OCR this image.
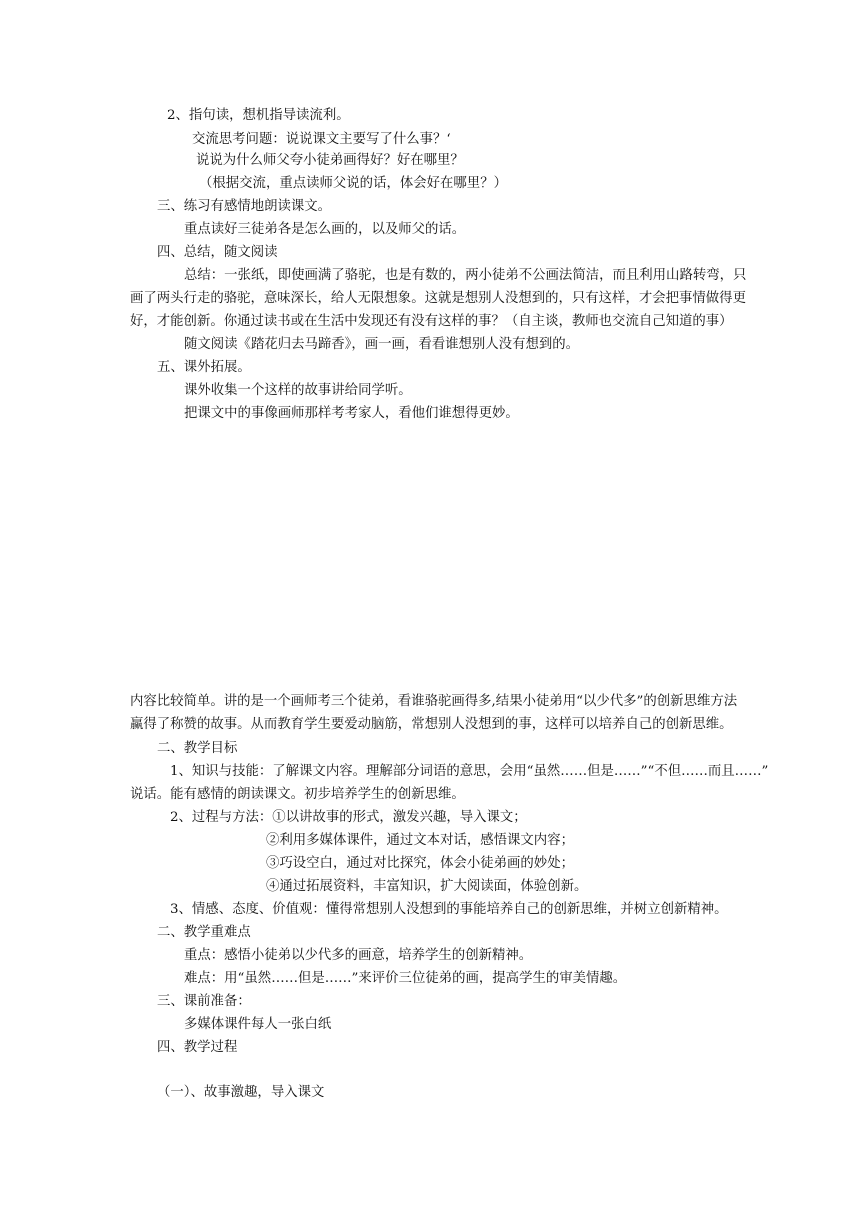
2、指句读，想机指导读流利。

交流思考问题：说说课文主要写了什么事？‘

说说为什么师父夸小徒弟画得好？好在哪里？

（根据交流，重点读师父说的话，体会好在哪里？）

三、练习有感情地朗读课文。

重点读好三徒弟各是怎么画的，以及师父的话。

四、总结，随文阅读

总结：一张纸，即使画满了骆驼，也是有数的，两小徒弟不公画法简洁，而且利用山路转弯，只

画了两头行走的骆驼，意味深长，给人无限想象。这就是想别人没想到的，只有这样，才会把事情做得更

好，才能创新。你通过读书或在生活中发现还有没有这样的事？（自主谈，教师也交流自己知道的事）

随文阅读《踏花归去马蹄香》，画一画，看看谁想别人没有想到的。

五、课外拓展。

课外收集一个这样的故事讲给同学听。

把课文中的事像画师那样考考家人，看他们谁想得更妙。

内容比较简单。讲的是一个画师考三个徒弟，看谁骆驼画得多,结果小徒弟用“以少代多”的创新思维方法

赢得了称赞的故事。从而教育学生要爱动脑筋，常想别人没想到的事，这样可以培养自己的创新思维。

二、教学目标

1、知识与技能：了解课文内容。理解部分词语的意思，会用“虽然……但是……”“不但……而且……”

说话。能有感情的朗读课文。初步培养学生的创新思维。

2、过程与方法：①以讲故事的形式，激发兴趣，导入课文；

②利用多媒体课件，通过文本对话，感悟课文内容；

③巧设空白，通过对比探究，体会小徒弟画的妙处；

④通过拓展资料，丰富知识，扩大阅读面，体验创新。

3、情感、态度、价值观：懂得常想别人没想到的事能培养自己的创新思维，并树立创新精神。

二、教学重难点

重点：感悟小徒弟以少代多的画意，培养学生的创新精神。

难点：用“虽然……但是……”来评价三位徒弟的画，提高学生的审美情趣。

三、课前准备：

多媒体课件每人一张白纸

四、教学过程

（一）、故事激趣，导入课文
